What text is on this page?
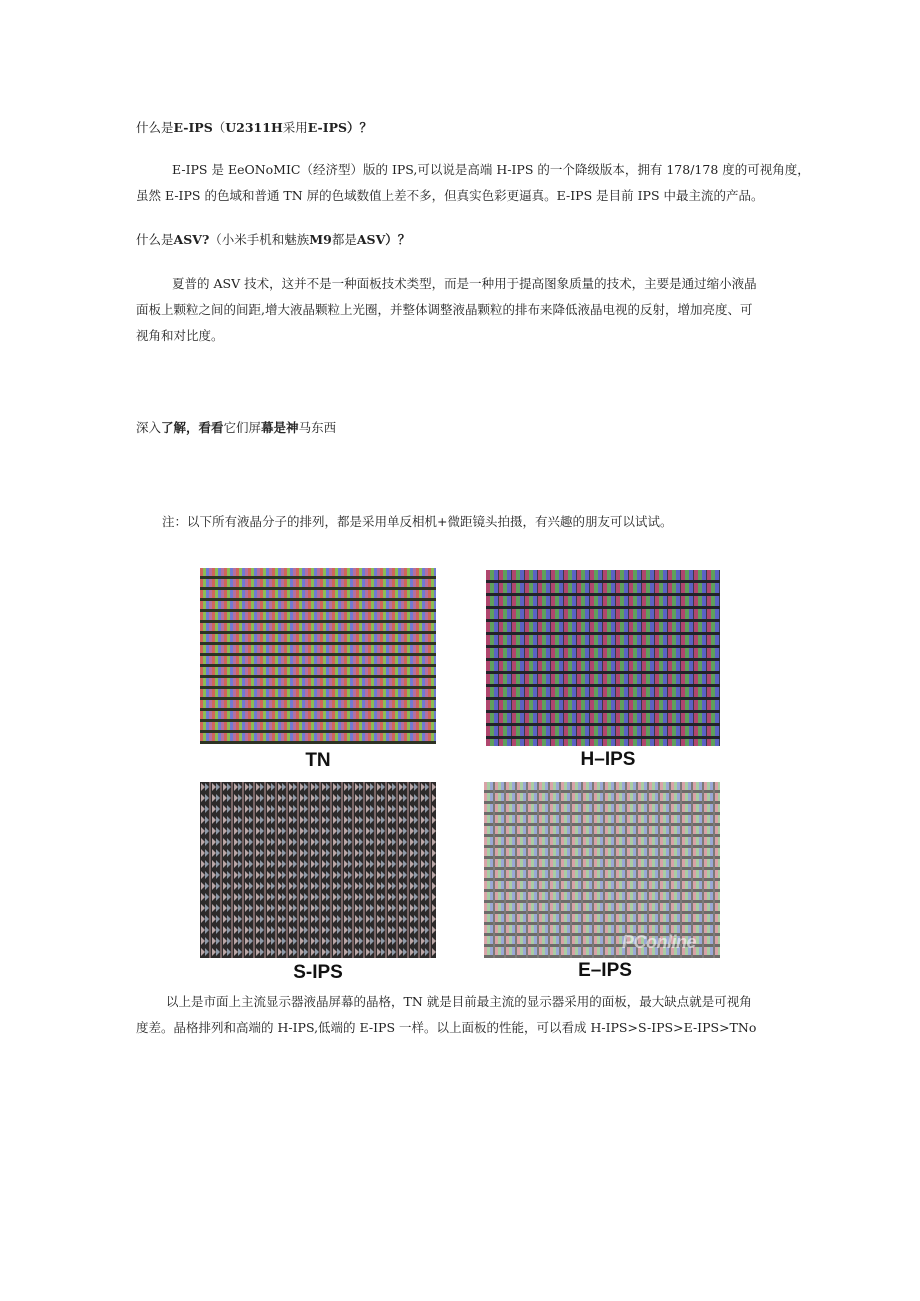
什么是E-IPS（U2311H采用E-IPS）？
E-IPS 是 EeONoMIC（经济型）版的 IPS,可以说是高端 H-IPS 的一个降级版本，拥有 178/178 度的可视角度，
虽然 E-IPS 的色域和普通 TN 屏的色域数值上差不多，但真实色彩更逼真。E-IPS 是目前 IPS 中最主流的产品。
什么是ASV?（小米手机和魅族M9都是ASV）？
夏普的 ASV 技术，这并不是一种面板技术类型，而是一种用于提高图象质量的技术，主要是通过缩小液晶
面板上颗粒之间的间距,增大液晶颗粒上光圈，并整体调整液晶颗粒的排布来降低液晶电视的反射，增加亮度、可
视角和对比度。
深入了解，看看它们屏幕是神马东西
注：以下所有液晶分子的排列，都是采用单反相机+微距镜头拍摄，有兴趣的朋友可以试试。
PConline
TN	H–IPS
S-IPS	E–IPS
以上是市面上主流显示器液晶屏幕的晶格，TN 就是目前最主流的显示器采用的面板，最大缺点就是可视角
度差。晶格排列和高端的 H-IPS,低端的 E-IPS 一样。以上面板的性能，可以看成 H-IPS>S-IPS>E-IPS>TNo
